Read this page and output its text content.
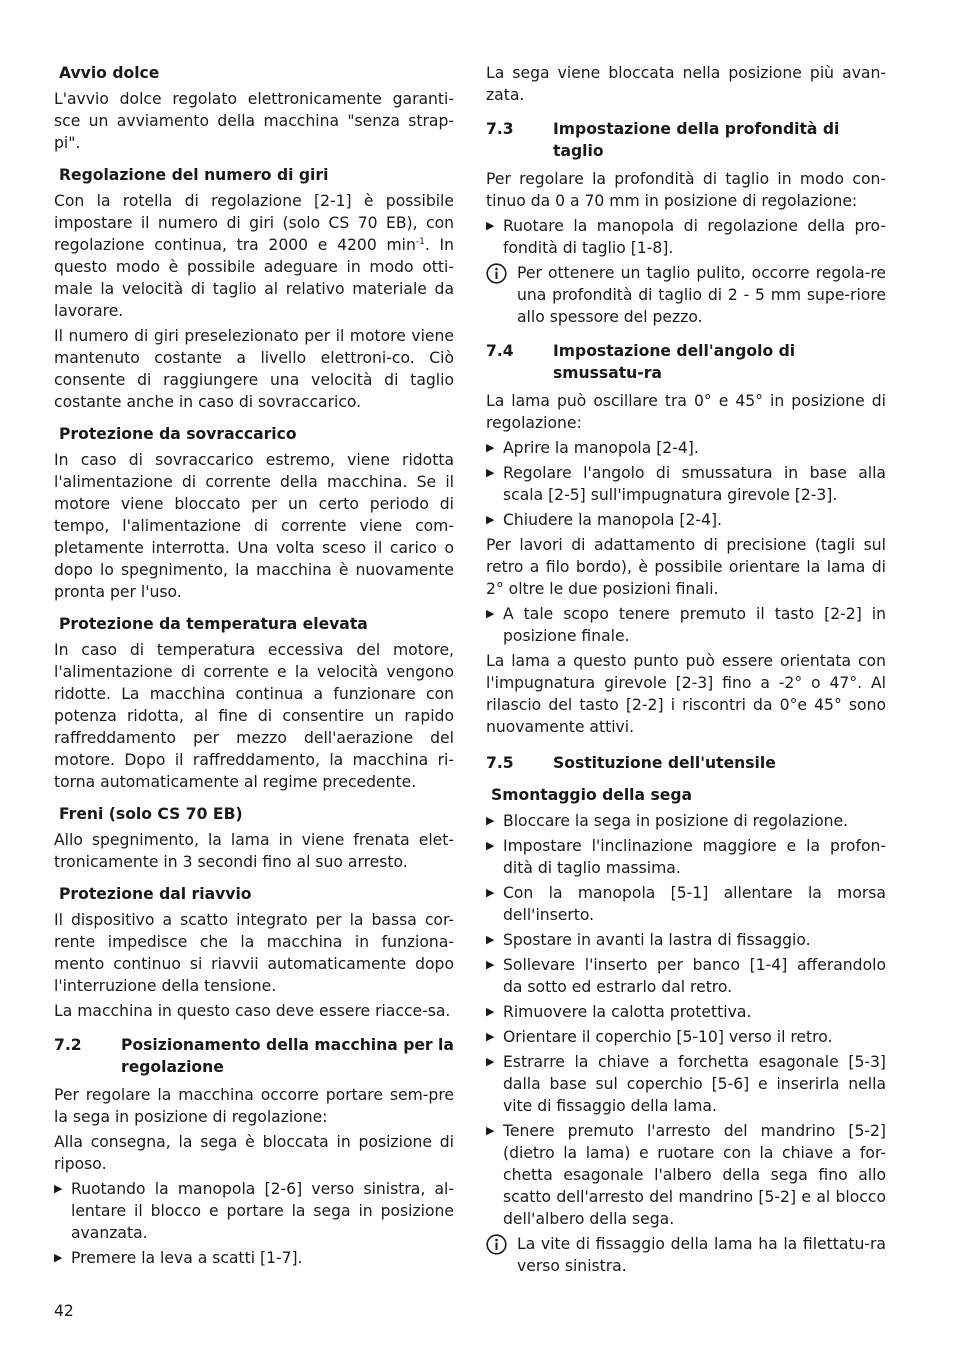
Avvio dolce

L'avvio dolce regolato elettronicamente garanti-sce un avviamento della macchina "senza strap-pi".

Regolazione del numero di giri

Con la rotella di regolazione [2-1] è possibile impostare il numero di giri (solo CS 70 EB), con regolazione continua, tra 2000 e 4200 $\min^{-1}$. In questo modo è possibile adeguare in modo otti-male la velocità di taglio al relativo materiale da lavorare.

Il numero di giri preselezionato per il motore viene mantenuto costante a livello elettroni-co. Ciò consente di raggiungere una velocità di taglio costante anche in caso di sovraccarico.

Protezione da sovraccarico

In caso di sovraccarico estremo, viene ridotta l'alimentazione di corrente della macchina. Se il motore viene bloccato per un certo periodo di tempo, l'alimentazione di corrente viene com-pletamente interrotta. Una volta sceso il carico o dopo lo spegnimento, la macchina è nuovamente pronta per l'uso.

Protezione da temperatura elevata

In caso di temperatura eccessiva del motore, l'alimentazione di corrente e la velocità vengono ridotte. La macchina continua a funzionare con potenza ridotta, al fine di consentire un rapido raffreddamento per mezzo dell'aerazione del motore. Dopo il raffreddamento, la macchina ri-torna automaticamente al regime precedente.

Freni (solo CS 70 EB)

Allo spegnimento, la lama in viene frenata elet-tronicamente in 3 secondi fino al suo arresto.

Protezione dal riavvio

Il dispositivo a scatto integrato per la bassa cor-rente impedisce che la macchina in funziona-mento continuo si riavvii automaticamente dopo l'interruzione della tensione.

La macchina in questo caso deve essere riacce-sa.

7.2	Posizionamento della macchina per la regolazione

Per regolare la macchina occorre portare sem-pre la sega in posizione di regolazione:

Alla consegna, la sega è bloccata in posizione di riposo.

▶ Ruotando la manopola [2-6] verso sinistra, al-lentare il blocco e portare la sega in posizione avanzata.
▶ Premere la leva a scatti [1-7].

La sega viene bloccata nella posizione più avan-zata.

7.3	Impostazione della profondità di taglio

Per regolare la profondità di taglio in modo con-tinuo da 0 a 70 mm in posizione di regolazione:

▶ Ruotare la manopola di regolazione della pro-fondità di taglio [1-8].
Per ottenere un taglio pulito, occorre regola-re una profondità di taglio di 2 - 5 mm supe-riore allo spessore del pezzo.
7.4	Impostazione dell'angolo di smussatu-ra

La lama può oscillare tra 0° e 45° in posizione di regolazione:

▶ Aprire la manopola [2-4].
▶ Regolare l'angolo di smussatura in base alla scala [2-5] sull'impugnatura girevole [2-3].
▶ Chiudere la manopola [2-4].

Per lavori di adattamento di precisione (tagli sul retro a filo bordo), è possibile orientare la lama di 2° oltre le due posizioni finali.

▶ A tale scopo tenere premuto il tasto [2-2] in posizione finale.

La lama a questo punto può essere orientata con l'impugnatura girevole [2-3] fino a -2° o 47°. Al rilascio del tasto [2-2] i riscontri da 0°e 45° sono nuovamente attivi.

7.5	Sostituzione dell'utensile
Smontaggio della sega
▶ Bloccare la sega in posizione di regolazione.
▶ Impostare l'inclinazione maggiore e la profon-dità di taglio massima.
▶ Con la manopola [5-1] allentare la morsa dell'inserto.
▶ Spostare in avanti la lastra di fissaggio.
▶ Sollevare l'inserto per banco [1-4] afferandolo da sotto ed estrarlo dal retro.
▶ Rimuovere la calotta protettiva.
▶ Orientare il coperchio [5-10] verso il retro.
▶ Estrarre la chiave a forchetta esagonale [5-3] dalla base sul coperchio [5-6] e inserirla nella vite di fissaggio della lama.
▶ Tenere premuto l'arresto del mandrino [5-2] (dietro la lama) e ruotare con la chiave a for-chetta esagonale l'albero della sega fino allo scatto dell'arresto del mandrino [5-2] e al blocco dell'albero della sega.
La vite di fissaggio della lama ha la filettatu-ra verso sinistra.
42
